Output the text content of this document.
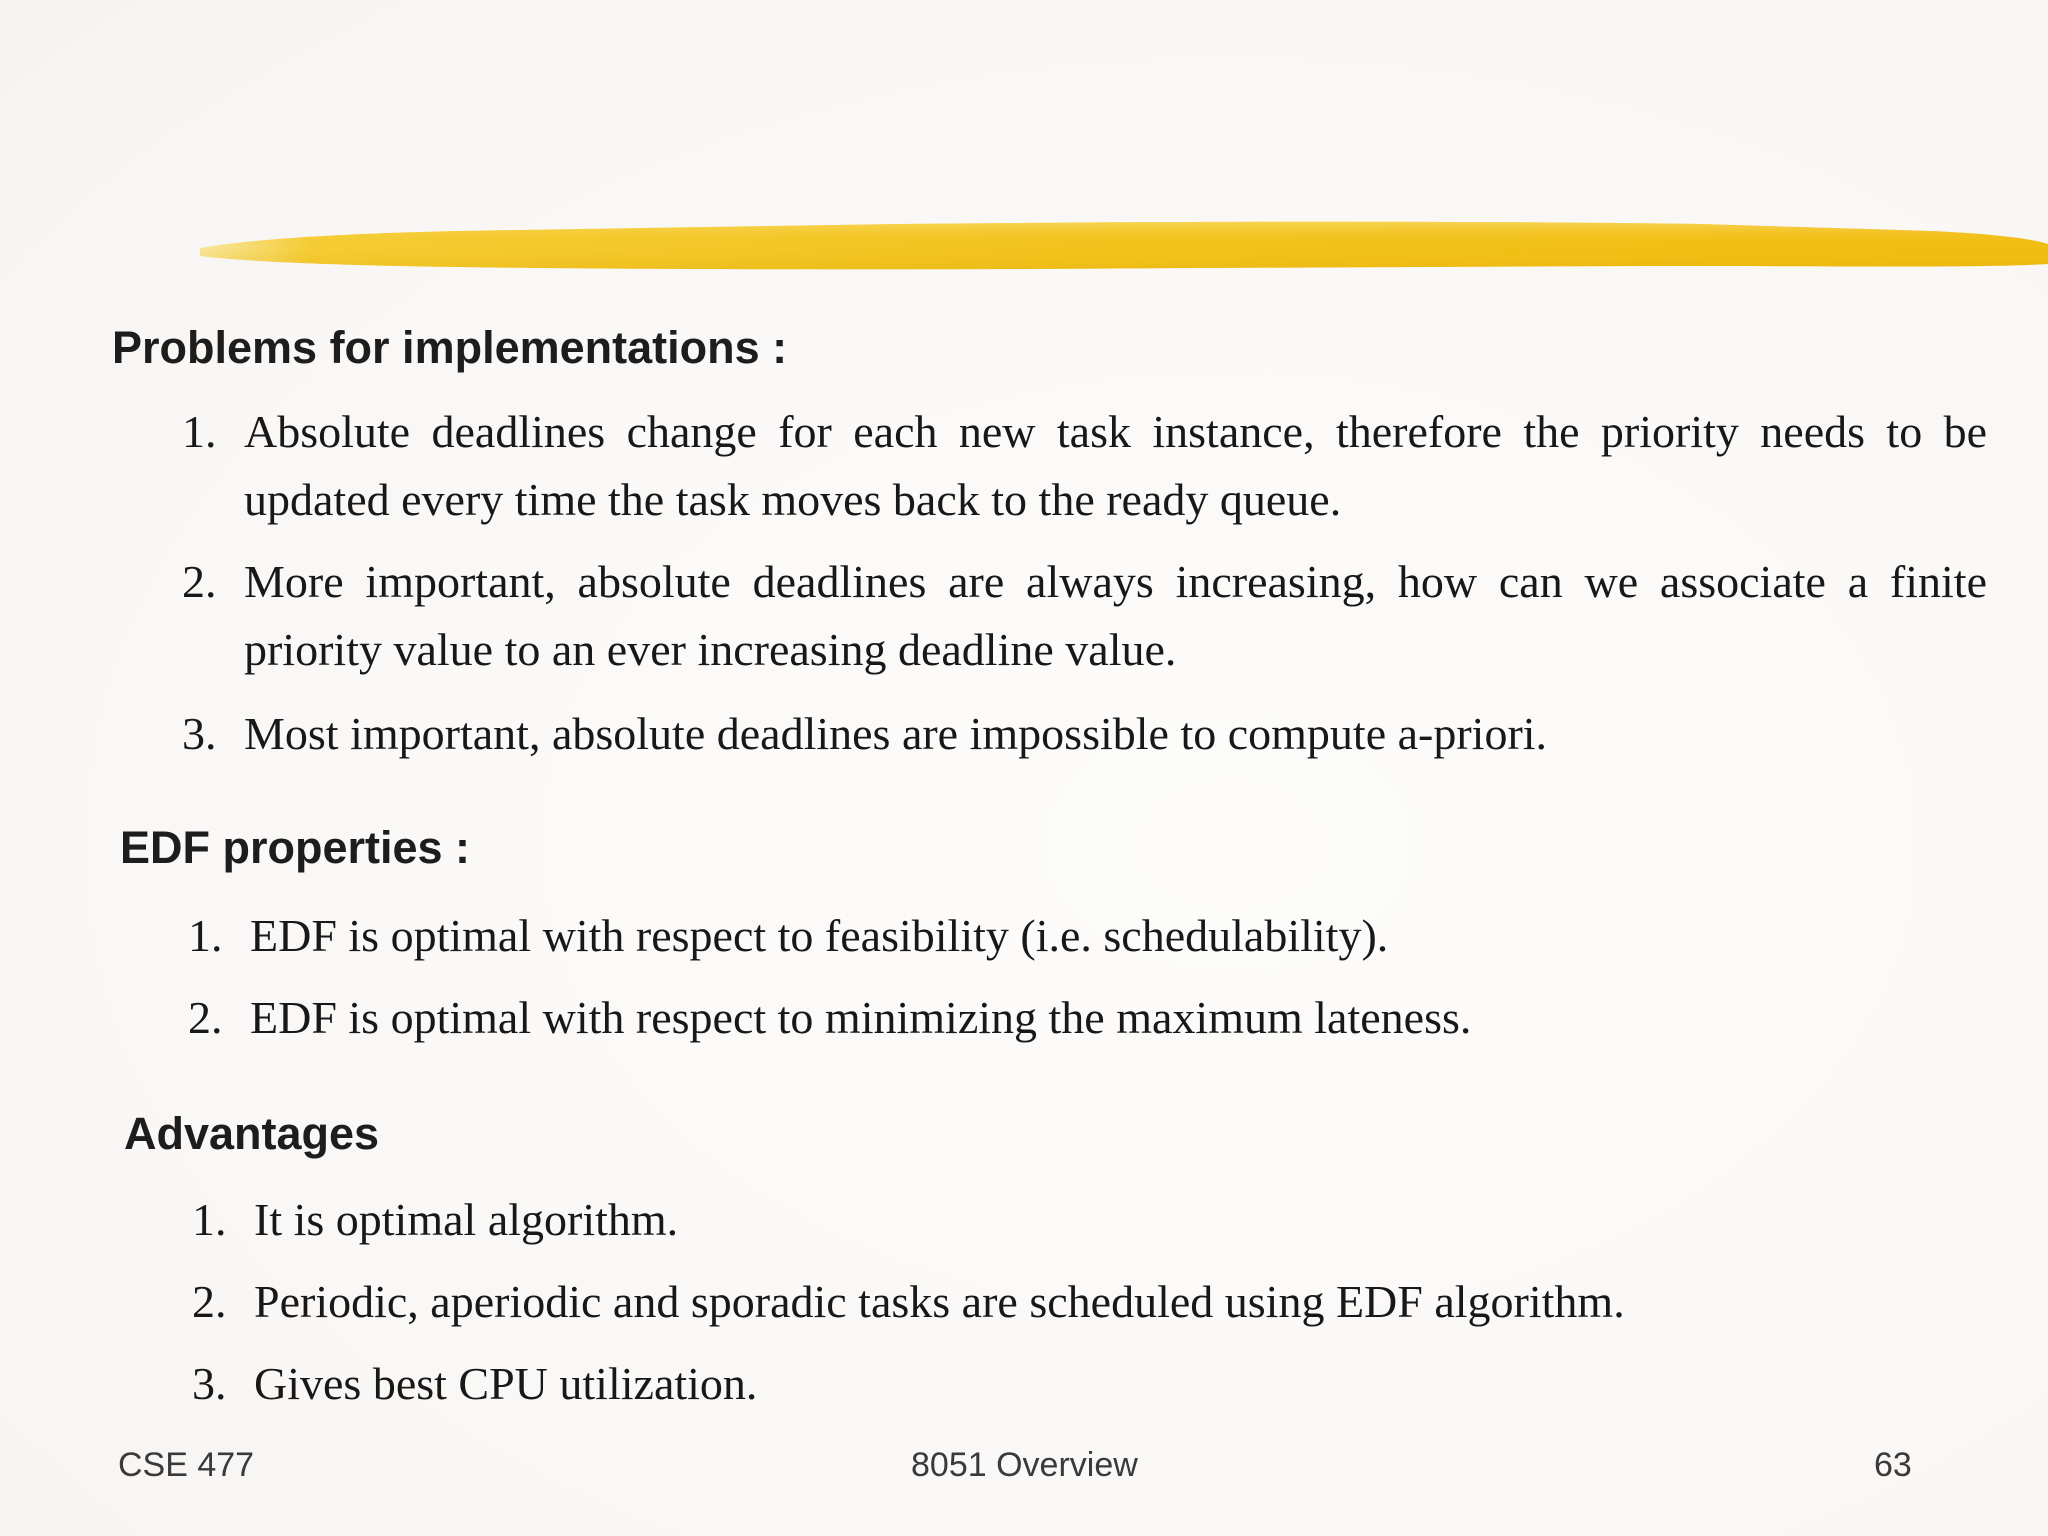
Problems for implementations :

1. Absolute deadlines change for each new task instance, therefore the priority needs to be updated every time the task moves back to the ready queue.
2. More important, absolute deadlines are always increasing, how can we associate a finite priority value to an ever increasing deadline value.
3. Most important, absolute deadlines are impossible to compute a-priori.

EDF properties :

1. EDF is optimal with respect to feasibility (i.e. schedulability).
2. EDF is optimal with respect to minimizing the maximum lateness.

Advantages

1. It is optimal algorithm.
2. Periodic, aperiodic and sporadic tasks are scheduled using EDF algorithm.
3. Gives best CPU utilization.
CSE 477	8051 Overview	63
